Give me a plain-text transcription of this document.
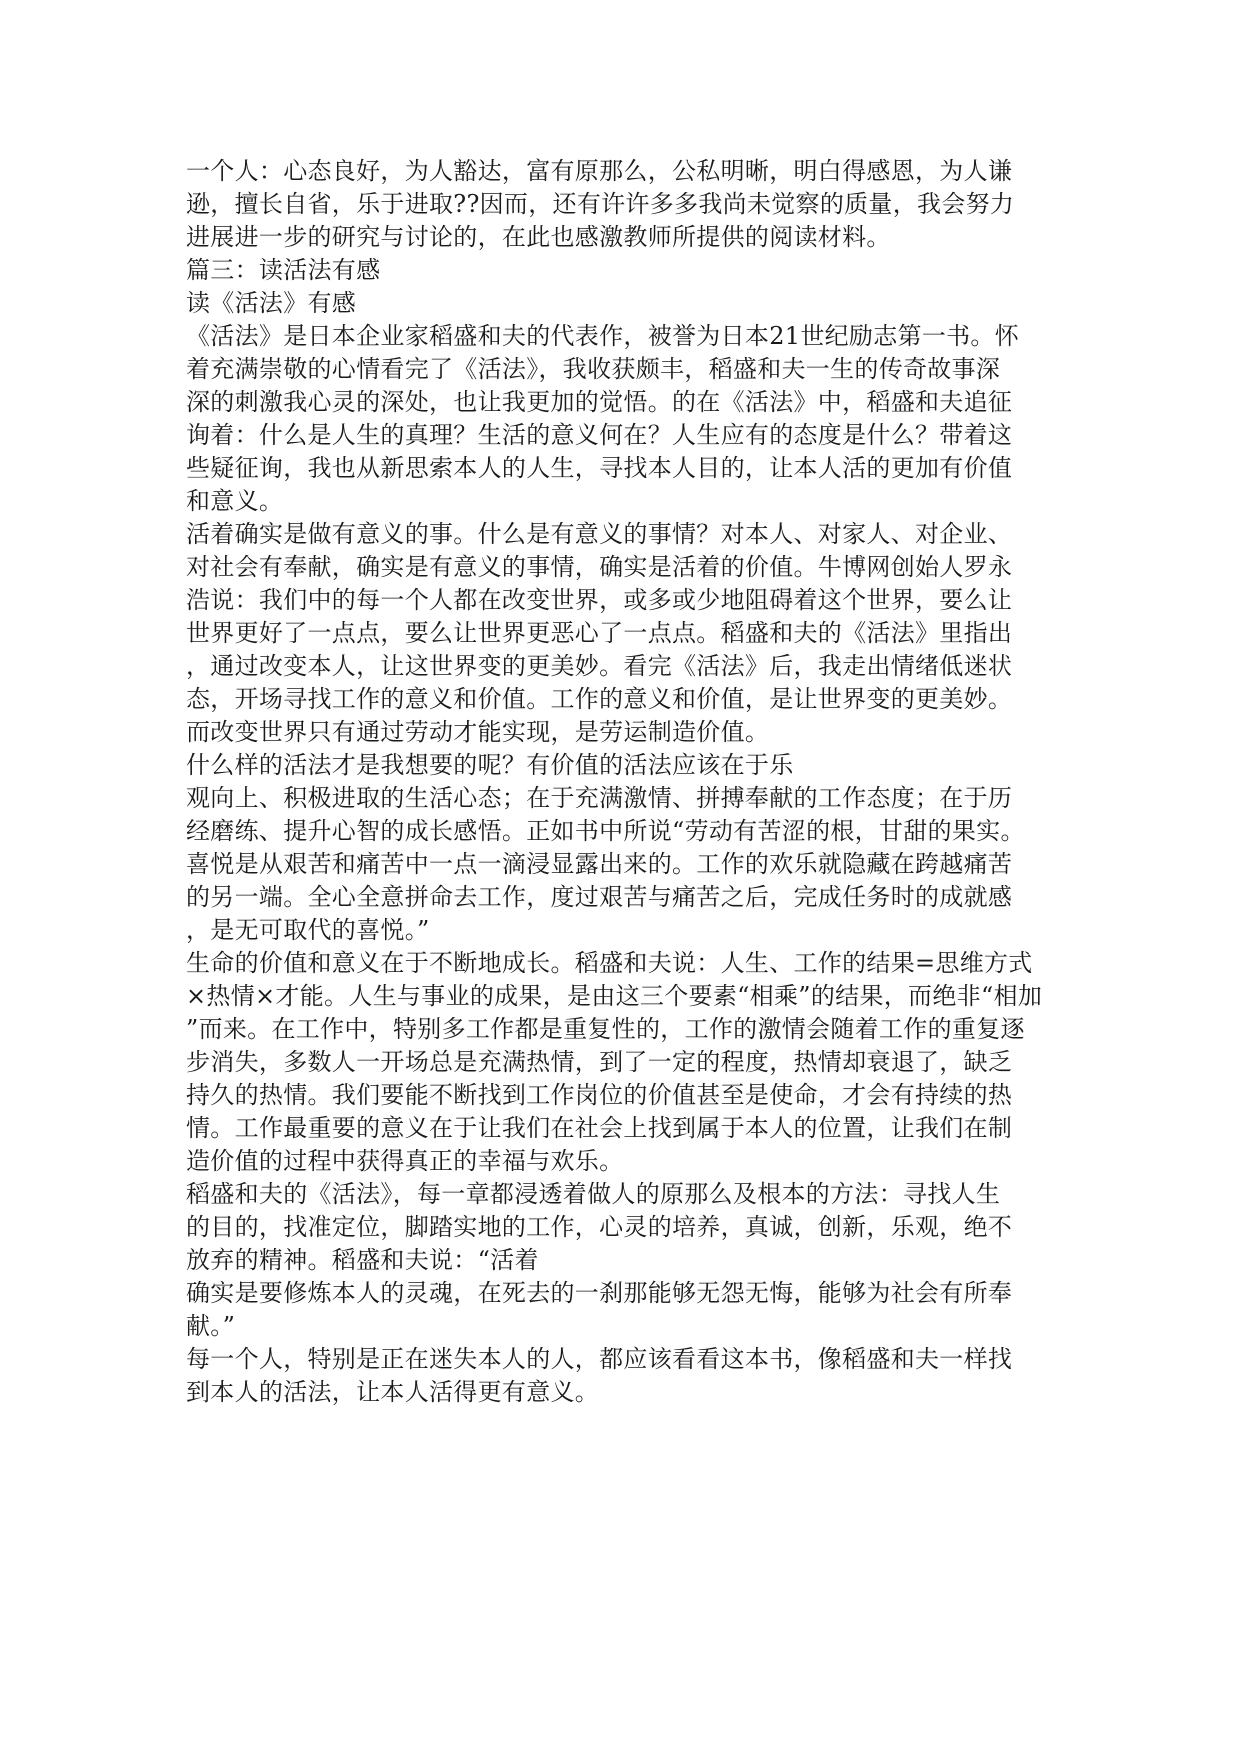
一个人：心态良好，为人豁达，富有原那么，公私明晰，明白得感恩，为人谦
逊，擅长自省，乐于进取??因而，还有许许多多我尚未觉察的质量，我会努力
进展进一步的研究与讨论的，在此也感激教师所提供的阅读材料。
篇三：读活法有感
读《活法》有感
《活法》是日本企业家稻盛和夫的代表作，被誉为日本21世纪励志第一书。怀
着充满崇敬的心情看完了《活法》，我收获颇丰，稻盛和夫一生的传奇故事深
深的刺激我心灵的深处，也让我更加的觉悟。的在《活法》中，稻盛和夫追征
询着：什么是人生的真理？生活的意义何在？人生应有的态度是什么？带着这
些疑征询，我也从新思索本人的人生，寻找本人目的，让本人活的更加有价值
和意义。
活着确实是做有意义的事。什么是有意义的事情？对本人、对家人、对企业、
对社会有奉献，确实是有意义的事情，确实是活着的价值。牛博网创始人罗永
浩说：我们中的每一个人都在改变世界，或多或少地阻碍着这个世界，要么让
世界更好了一点点，要么让世界更恶心了一点点。稻盛和夫的《活法》里指出
，通过改变本人，让这世界变的更美妙。看完《活法》后，我走出情绪低迷状
态，开场寻找工作的意义和价值。工作的意义和价值，是让世界变的更美妙。
而改变世界只有通过劳动才能实现，是劳运制造价值。
什么样的活法才是我想要的呢？有价值的活法应该在于乐
观向上、积极进取的生活心态；在于充满激情、拼搏奉献的工作态度；在于历
经磨练、提升心智的成长感悟。正如书中所说“劳动有苦涩的根，甘甜的果实。
喜悦是从艰苦和痛苦中一点一滴浸显露出来的。工作的欢乐就隐藏在跨越痛苦
的另一端。全心全意拼命去工作，度过艰苦与痛苦之后，完成任务时的成就感
，是无可取代的喜悦。”
生命的价值和意义在于不断地成长。稻盛和夫说：人生、工作的结果=思维方式
×热情×才能。人生与事业的成果，是由这三个要素“相乘”的结果，而绝非“相加
”而来。在工作中，特别多工作都是重复性的，工作的激情会随着工作的重复逐
步消失，多数人一开场总是充满热情，到了一定的程度，热情却衰退了，缺乏
持久的热情。我们要能不断找到工作岗位的价值甚至是使命，才会有持续的热
情。工作最重要的意义在于让我们在社会上找到属于本人的位置，让我们在制
造价值的过程中获得真正的幸福与欢乐。
稻盛和夫的《活法》，每一章都浸透着做人的原那么及根本的方法：寻找人生
的目的，找准定位，脚踏实地的工作，心灵的培养，真诚，创新，乐观，绝不
放弃的精神。稻盛和夫说：“活着
确实是要修炼本人的灵魂，在死去的一刹那能够无怨无悔，能够为社会有所奉
献。”
每一个人，特别是正在迷失本人的人，都应该看看这本书，像稻盛和夫一样找
到本人的活法，让本人活得更有意义。
